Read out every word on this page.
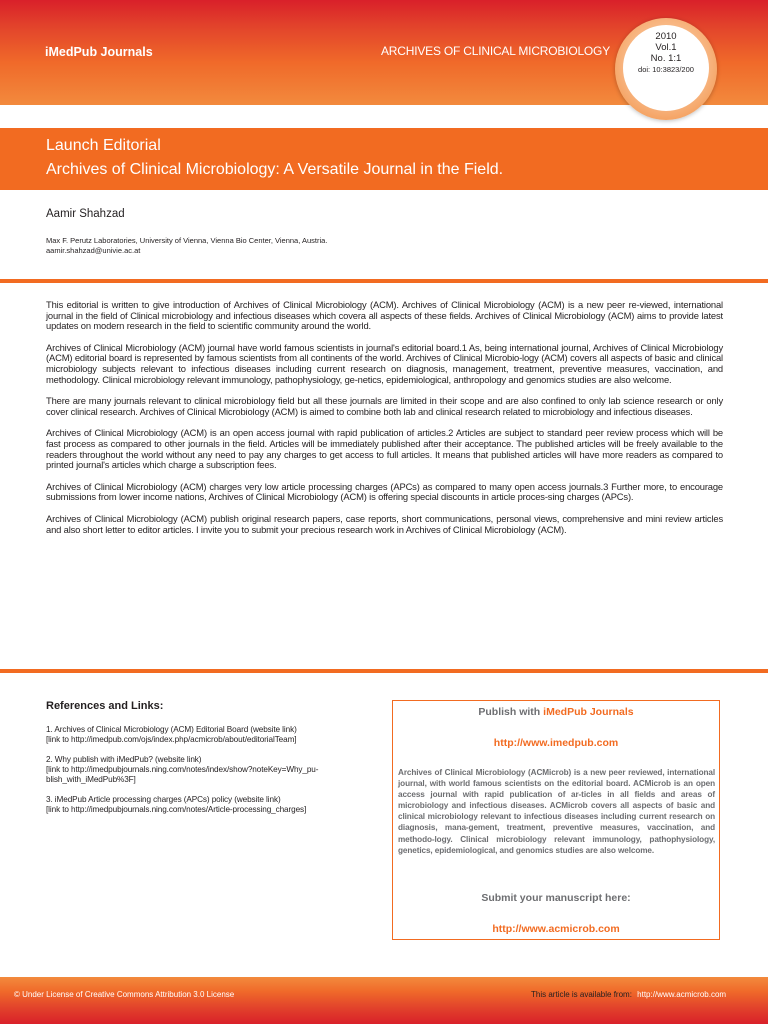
iMedPub Journals	ARCHIVES OF CLINICAL MICROBIOLOGY
2010
Vol.1
No. 1:1
doi: 10:3823/200
Launch Editorial
Archives of Clinical Microbiology: A Versatile Journal in the Field.
Aamir Shahzad
Max F. Perutz Laboratories, University of Vienna, Vienna Bio Center, Vienna, Austria.
aamir.shahzad@univie.ac.at

This editorial is written to give introduction of Archives of Clinical Microbiology (ACM). Archives of Clinical Microbiology (ACM) is a new peer re-viewed, international journal in the field of Clinical microbiology and infectious diseases which covera all aspects of these fields. Archives of Clinical Microbiology (ACM) aims to provide latest updates on modern research in the field to scientific community around the world.

Archives of Clinical Microbiology (ACM) journal have world famous scientists in journal's editorial board.1 As, being international journal, Archives of Clinical Microbiology (ACM) editorial board is represented by famous scientists from all continents of the world. Archives of Clinical Microbio-logy (ACM) covers all aspects of basic and clinical microbiology subjects relevant to infectious diseases including current research on diagnosis, management, treatment, preventive measures, vaccination, and methodology. Clinical microbiology relevant immunology, pathophysiology, ge-netics, epidemiological, anthropology and genomics studies are also welcome.

There are many journals relevant to clinical microbiology field but all these journals are limited in their scope and are also confined to only lab science research or only cover clinical research. Archives of Clinical Microbiology (ACM) is aimed to combine both lab and clinical research related to microbiology and infectious diseases.

Archives of Clinical Microbiology (ACM) is an open access journal with rapid publication of articles.2 Articles are subject to standard peer review process which will be fast process as compared to other journals in the field. Articles will be immediately published after their acceptance. The published articles will be freely available to the readers throughout the world without any need to pay any charges to get access to full articles. It means that published articles will have more readers as compared to printed journal's articles which charge a subscription fees.

Archives of Clinical Microbiology (ACM) charges very low article processing charges (APCs) as compared to many open access journals.3 Further more, to encourage submissions from lower income nations, Archives of Clinical Microbiology (ACM) is offering special discounts in article proces-sing charges (APCs).

Archives of Clinical Microbiology (ACM) publish original research papers, case reports, short communications, personal views, comprehensive and mini review articles and also short letter to editor articles. I invite you to submit your precious research work in Archives of Clinical Microbiology (ACM).

References and Links:
1. Archives of Clinical Microbiology (ACM) Editorial Board (website link)
[link to http://imedpub.com/ojs/index.php/acmicrob/about/editorialTeam]
2. Why publish with iMedPub? (website link)
[link to http://imedpubjournals.ning.com/notes/index/show?noteKey=Why_pu-blish_with_iMedPub%3F]
3. iMedPub Article processing charges (APCs) policy (website link)
[link to http://imedpubjournals.ning.com/notes/Article-processing_charges]
Publish with iMedPub Journals
http://www.imedpub.com
Archives of Clinical Microbiology (ACMicrob) is a new peer reviewed, international journal, with world famous scientists on the editorial board. ACMicrob is an open access journal with rapid publication of ar-ticles in all fields and areas of microbiology and infectious diseases. ACMicrob covers all aspects of basic and clinical microbiology relevant to infectious diseases including current research on diagnosis, mana-gement, treatment, preventive measures, vaccination, and methodo-logy. Clinical microbiology relevant immunology, pathophysiology, genetics, epidemiological, and genomics studies are also welcome.
Submit your manuscript here:
http://www.acmicrob.com
© Under License of Creative Commons Attribution 3.0 License	This article is available from: http://www.acmicrob.com
